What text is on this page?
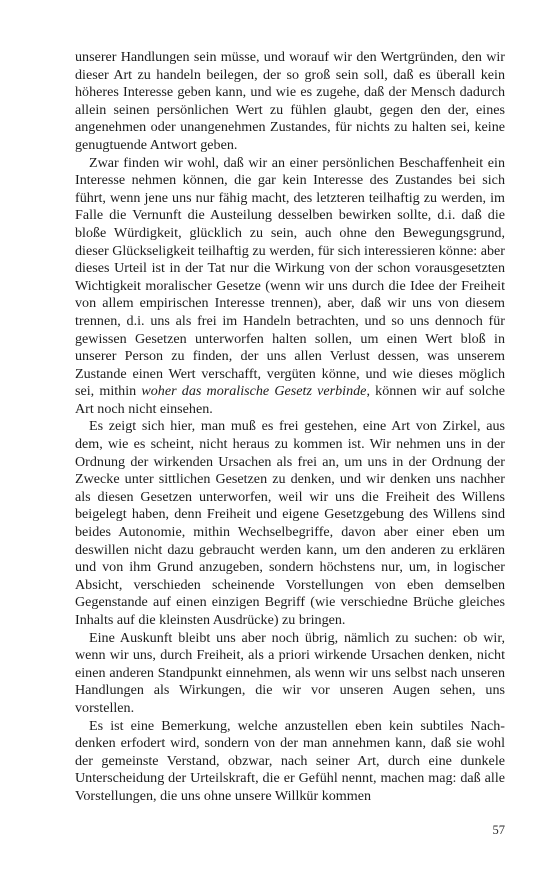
unserer Handlungen sein müsse, und worauf wir den Wertgründen, den wir dieser Art zu handeln beilegen, der so groß sein soll, daß es überall kein höheres Interesse geben kann, und wie es zugehe, daß der Mensch dadurch allein seinen persönlichen Wert zu fühlen glaubt, gegen den der, eines angenehmen oder unangenehmen Zustandes, für nichts zu halten sei, keine genugtuende Antwort geben.

Zwar finden wir wohl, daß wir an einer persönlichen Beschaffenheit ein Interesse nehmen können, die gar kein Interesse des Zustandes bei sich führt, wenn jene uns nur fähig macht, des letzteren teilhaftig zu werden, im Falle die Vernunft die Austeilung desselben bewirken sollte, d.i. daß die bloße Würdigkeit, glücklich zu sein, auch ohne den Bewegungsgrund, dieser Glückseligkeit teilhaftig zu werden, für sich interessieren könne: aber dieses Urteil ist in der Tat nur die Wirkung von der schon vorausgesetzten Wichtigkeit moralischer Gesetze (wenn wir uns durch die Idee der Freiheit von allem empirischen Interesse trennen), aber, daß wir uns von diesem trennen, d.i. uns als frei im Handeln betrachten, und so uns dennoch für gewissen Gesetzen unterworfen halten sollen, um einen Wert bloß in unserer Person zu finden, der uns allen Verlust dessen, was unserem Zustande einen Wert verschafft, vergüten könne, und wie dieses möglich sei, mithin woher das moralische Gesetz verbinde, können wir auf solche Art noch nicht einsehen.

Es zeigt sich hier, man muß es frei gestehen, eine Art von Zirkel, aus dem, wie es scheint, nicht heraus zu kommen ist. Wir nehmen uns in der Ordnung der wirkenden Ursachen als frei an, um uns in der Ordnung der Zwecke unter sittlichen Gesetzen zu denken, und wir denken uns nachher als diesen Gesetzen unterworfen, weil wir uns die Freiheit des Willens beigelegt haben, denn Freiheit und eigene Gesetzgebung des Willens sind beides Autonomie, mithin Wechselbegriffe, davon aber einer eben um deswillen nicht dazu gebraucht werden kann, um den anderen zu erklären und von ihm Grund anzugeben, sondern höchstens nur, um, in logischer Absicht, verschieden scheinende Vorstellungen von eben demselben Gegenstande auf einen einzigen Begriff (wie verschiedne Brüche gleiches Inhalts auf die kleinsten Ausdrücke) zu bringen.

Eine Auskunft bleibt uns aber noch übrig, nämlich zu suchen: ob wir, wenn wir uns, durch Freiheit, als a priori wirkende Ursachen denken, nicht einen anderen Standpunkt einnehmen, als wenn wir uns selbst nach unseren Handlungen als Wirkungen, die wir vor unseren Augen sehen, uns vorstellen.

Es ist eine Bemerkung, welche anzustellen eben kein subtiles Nachdenken erfodert wird, sondern von der man annehmen kann, daß sie wohl der gemeinste Verstand, obzwar, nach seiner Art, durch eine dunkele Unterscheidung der Urteilskraft, die er Gefühl nennt, machen mag: daß alle Vorstellungen, die uns ohne unsere Willkür kommen

57
